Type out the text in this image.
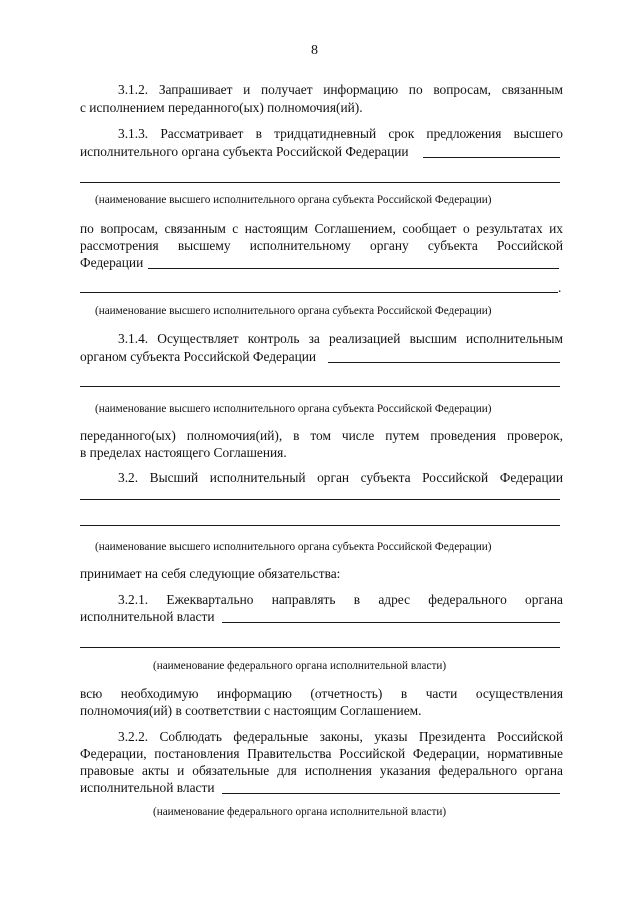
8
3.1.2. Запрашивает и получает информацию по вопросам, связанным
с исполнением переданного(ых) полномочия(ий).
3.1.3. Рассматривает в тридцатидневный срок предложения высшего
исполнительного органа субъекта Российской Федерации
(наименование высшего исполнительного органа субъекта Российской Федерации)
по вопросам, связанным с настоящим Соглашением, сообщает о результатах их
рассмотрения высшему исполнительному органу субъекта Российской
Федерации
.
(наименование высшего исполнительного органа субъекта Российской Федерации)
3.1.4. Осуществляет контроль за реализацией высшим исполнительным
органом субъекта Российской Федерации
(наименование высшего исполнительного органа субъекта Российской Федерации)
переданного(ых) полномочия(ий), в том числе путем проведения проверок,
в пределах настоящего Соглашения.
3.2. Высший исполнительный орган субъекта Российской Федерации
(наименование высшего исполнительного органа субъекта Российской Федерации)
принимает на себя следующие обязательства:
3.2.1. Ежеквартально направлять в адрес федерального органа
исполнительной власти
(наименование федерального органа исполнительной власти)
всю необходимую информацию (отчетность) в части осуществления
полномочия(ий) в соответствии с настоящим Соглашением.
3.2.2. Соблюдать федеральные законы, указы Президента Российской
Федерации, постановления Правительства Российской Федерации, нормативные
правовые акты и обязательные для исполнения указания федерального органа
исполнительной власти
(наименование федерального органа исполнительной власти)
